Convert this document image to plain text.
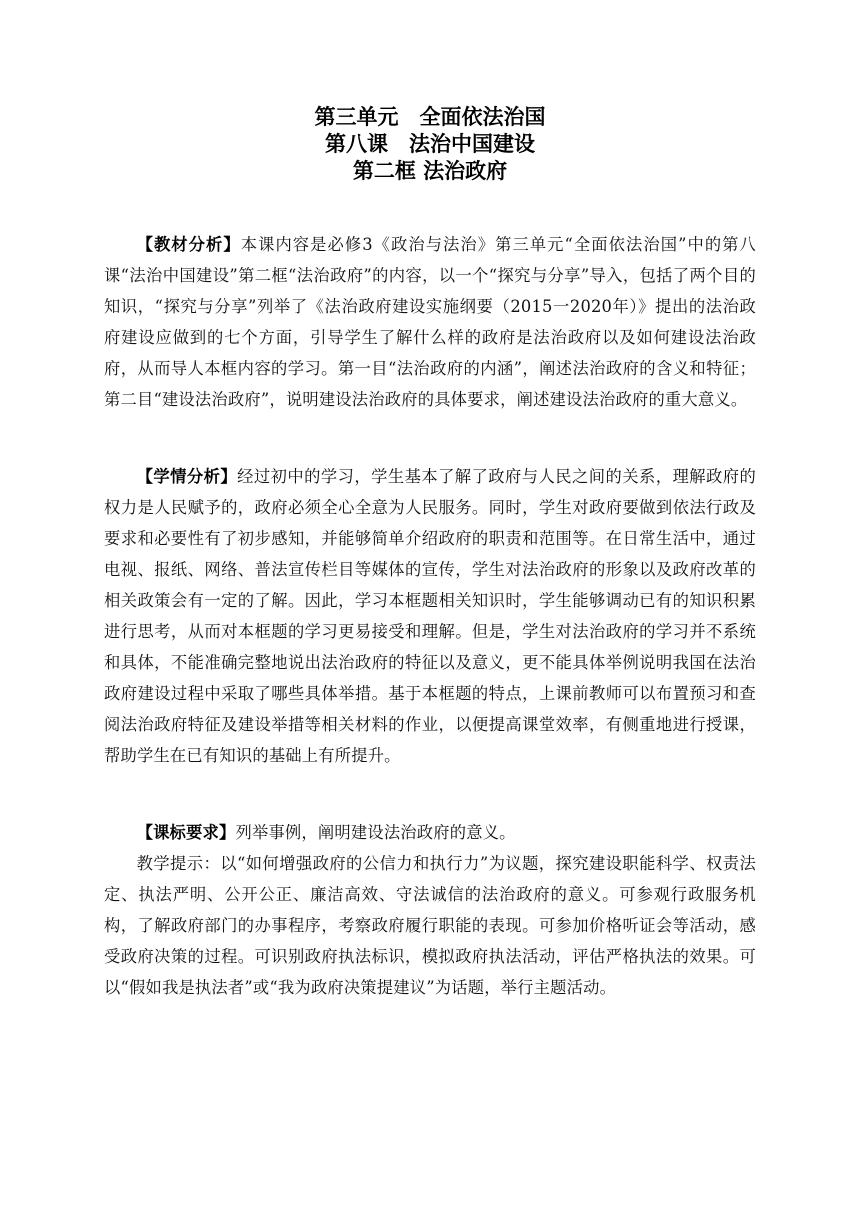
第三单元　全面依法治国
第八课　法治中国建设
第二框 法治政府

【教材分析】本课内容是必修3《政治与法治》第三单元“全面依法治国”中的第八课“法治中国建设”第二框“法治政府”的内容，以一个“探究与分享”导入，包括了两个目的知识，“探究与分享”列举了《法治政府建设实施纲要（2015一2020年）》提出的法治政府建设应做到的七个方面，引导学生了解什么样的政府是法治政府以及如何建设法治政府，从而导人本框内容的学习。第一目“法治政府的内涵”，阐述法治政府的含义和特征；第二目“建设法治政府”，说明建设法治政府的具体要求，阐述建设法治政府的重大意义。

【学情分析】经过初中的学习，学生基本了解了政府与人民之间的关系，理解政府的权力是人民赋予的，政府必须全心全意为人民服务。同时，学生对政府要做到依法行政及要求和必要性有了初步感知，并能够简单介绍政府的职责和范围等。在日常生活中，通过电视、报纸、网络、普法宣传栏目等媒体的宣传，学生对法治政府的形象以及政府改革的相关政策会有一定的了解。因此，学习本框题相关知识时，学生能够调动已有的知识积累进行思考，从而对本框题的学习更易接受和理解。但是，学生对法治政府的学习并不系统和具体，不能准确完整地说出法治政府的特征以及意义，更不能具体举例说明我国在法治政府建设过程中采取了哪些具体举措。基于本框题的特点，上课前教师可以布置预习和查阅法治政府特征及建设举措等相关材料的作业，以便提高课堂效率，有侧重地进行授课，帮助学生在已有知识的基础上有所提升。

【课标要求】列举事例，阐明建设法治政府的意义。

教学提示：以“如何增强政府的公信力和执行力”为议题，探究建设职能科学、权责法定、执法严明、公开公正、廉洁高效、守法诚信的法治政府的意义。可参观行政服务机构，了解政府部门的办事程序，考察政府履行职能的表现。可参加价格听证会等活动，感受政府决策的过程。可识别政府执法标识，模拟政府执法活动，评估严格执法的效果。可以“假如我是执法者”或“我为政府决策提建议”为话题，举行主题活动。
